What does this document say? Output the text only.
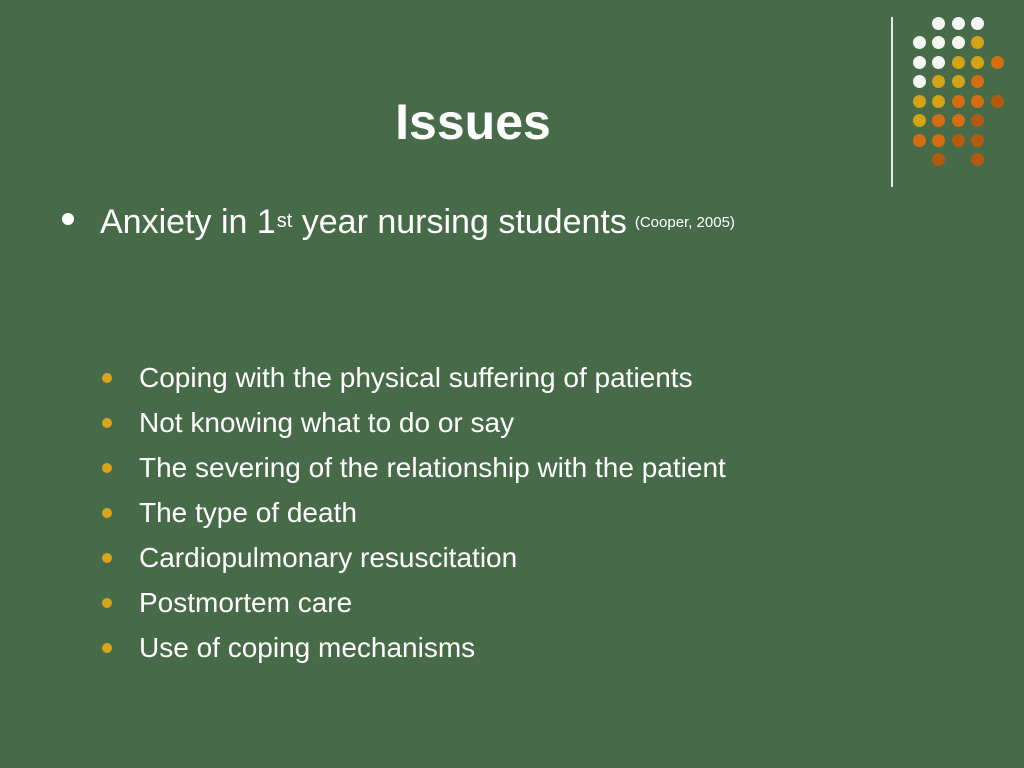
Issues
Anxiety in 1st year nursing students (Cooper, 2005)
Coping with the physical suffering of patients
Not knowing what to do or say
The severing of the relationship with the patient
The type of death
Cardiopulmonary resuscitation
Postmortem care
Use of coping mechanisms
